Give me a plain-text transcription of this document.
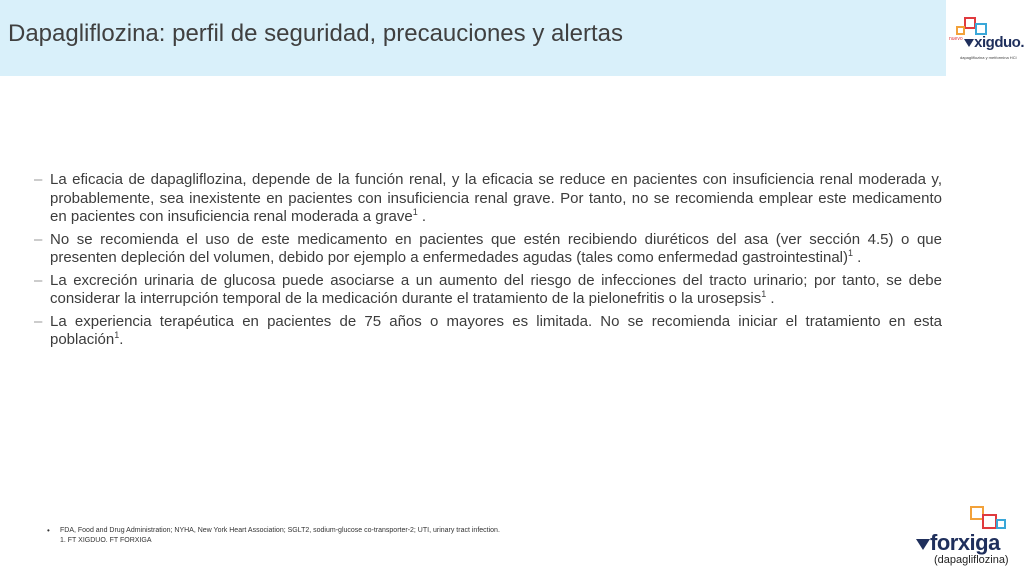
Dapagliflozina: perfil de seguridad, precauciones y alertas	nuevo xigduo.
dapagliflozina y metformina HCl
– La eficacia de dapagliflozina, depende de la función renal, y la eficacia se reduce en pacientes con insuficiencia renal moderada y, probablemente, sea inexistente en pacientes con insuficiencia renal grave. Por tanto, no se recomienda emplear este medicamento en pacientes con insuficiencia renal moderada a grave$^1$ .
– No se recomienda el uso de este medicamento en pacientes que estén recibiendo diuréticos del asa (ver sección 4.5) o que presenten depleción del volumen, debido por ejemplo a enfermedades agudas (tales como enfermedad gastrointestinal)$^1$ .
– La excreción urinaria de glucosa puede asociarse a un aumento del riesgo de infecciones del tracto urinario; por tanto, se debe considerar la interrupción temporal de la medicación durante el tratamiento de la pielonefritis o la urosepsis$^1$ .
– La experiencia terapéutica en pacientes de 75 años o mayores es limitada. No se recomienda iniciar el tratamiento en esta población$^1$.
• FDA, Food and Drug Administration; NYHA, New York Heart Association; SGLT2, sodium-glucose co-transporter-2; UTI, urinary tract infection.
1. FT XIGDUO. FT FORXIGA	forxiga
(dapagliflozina)
